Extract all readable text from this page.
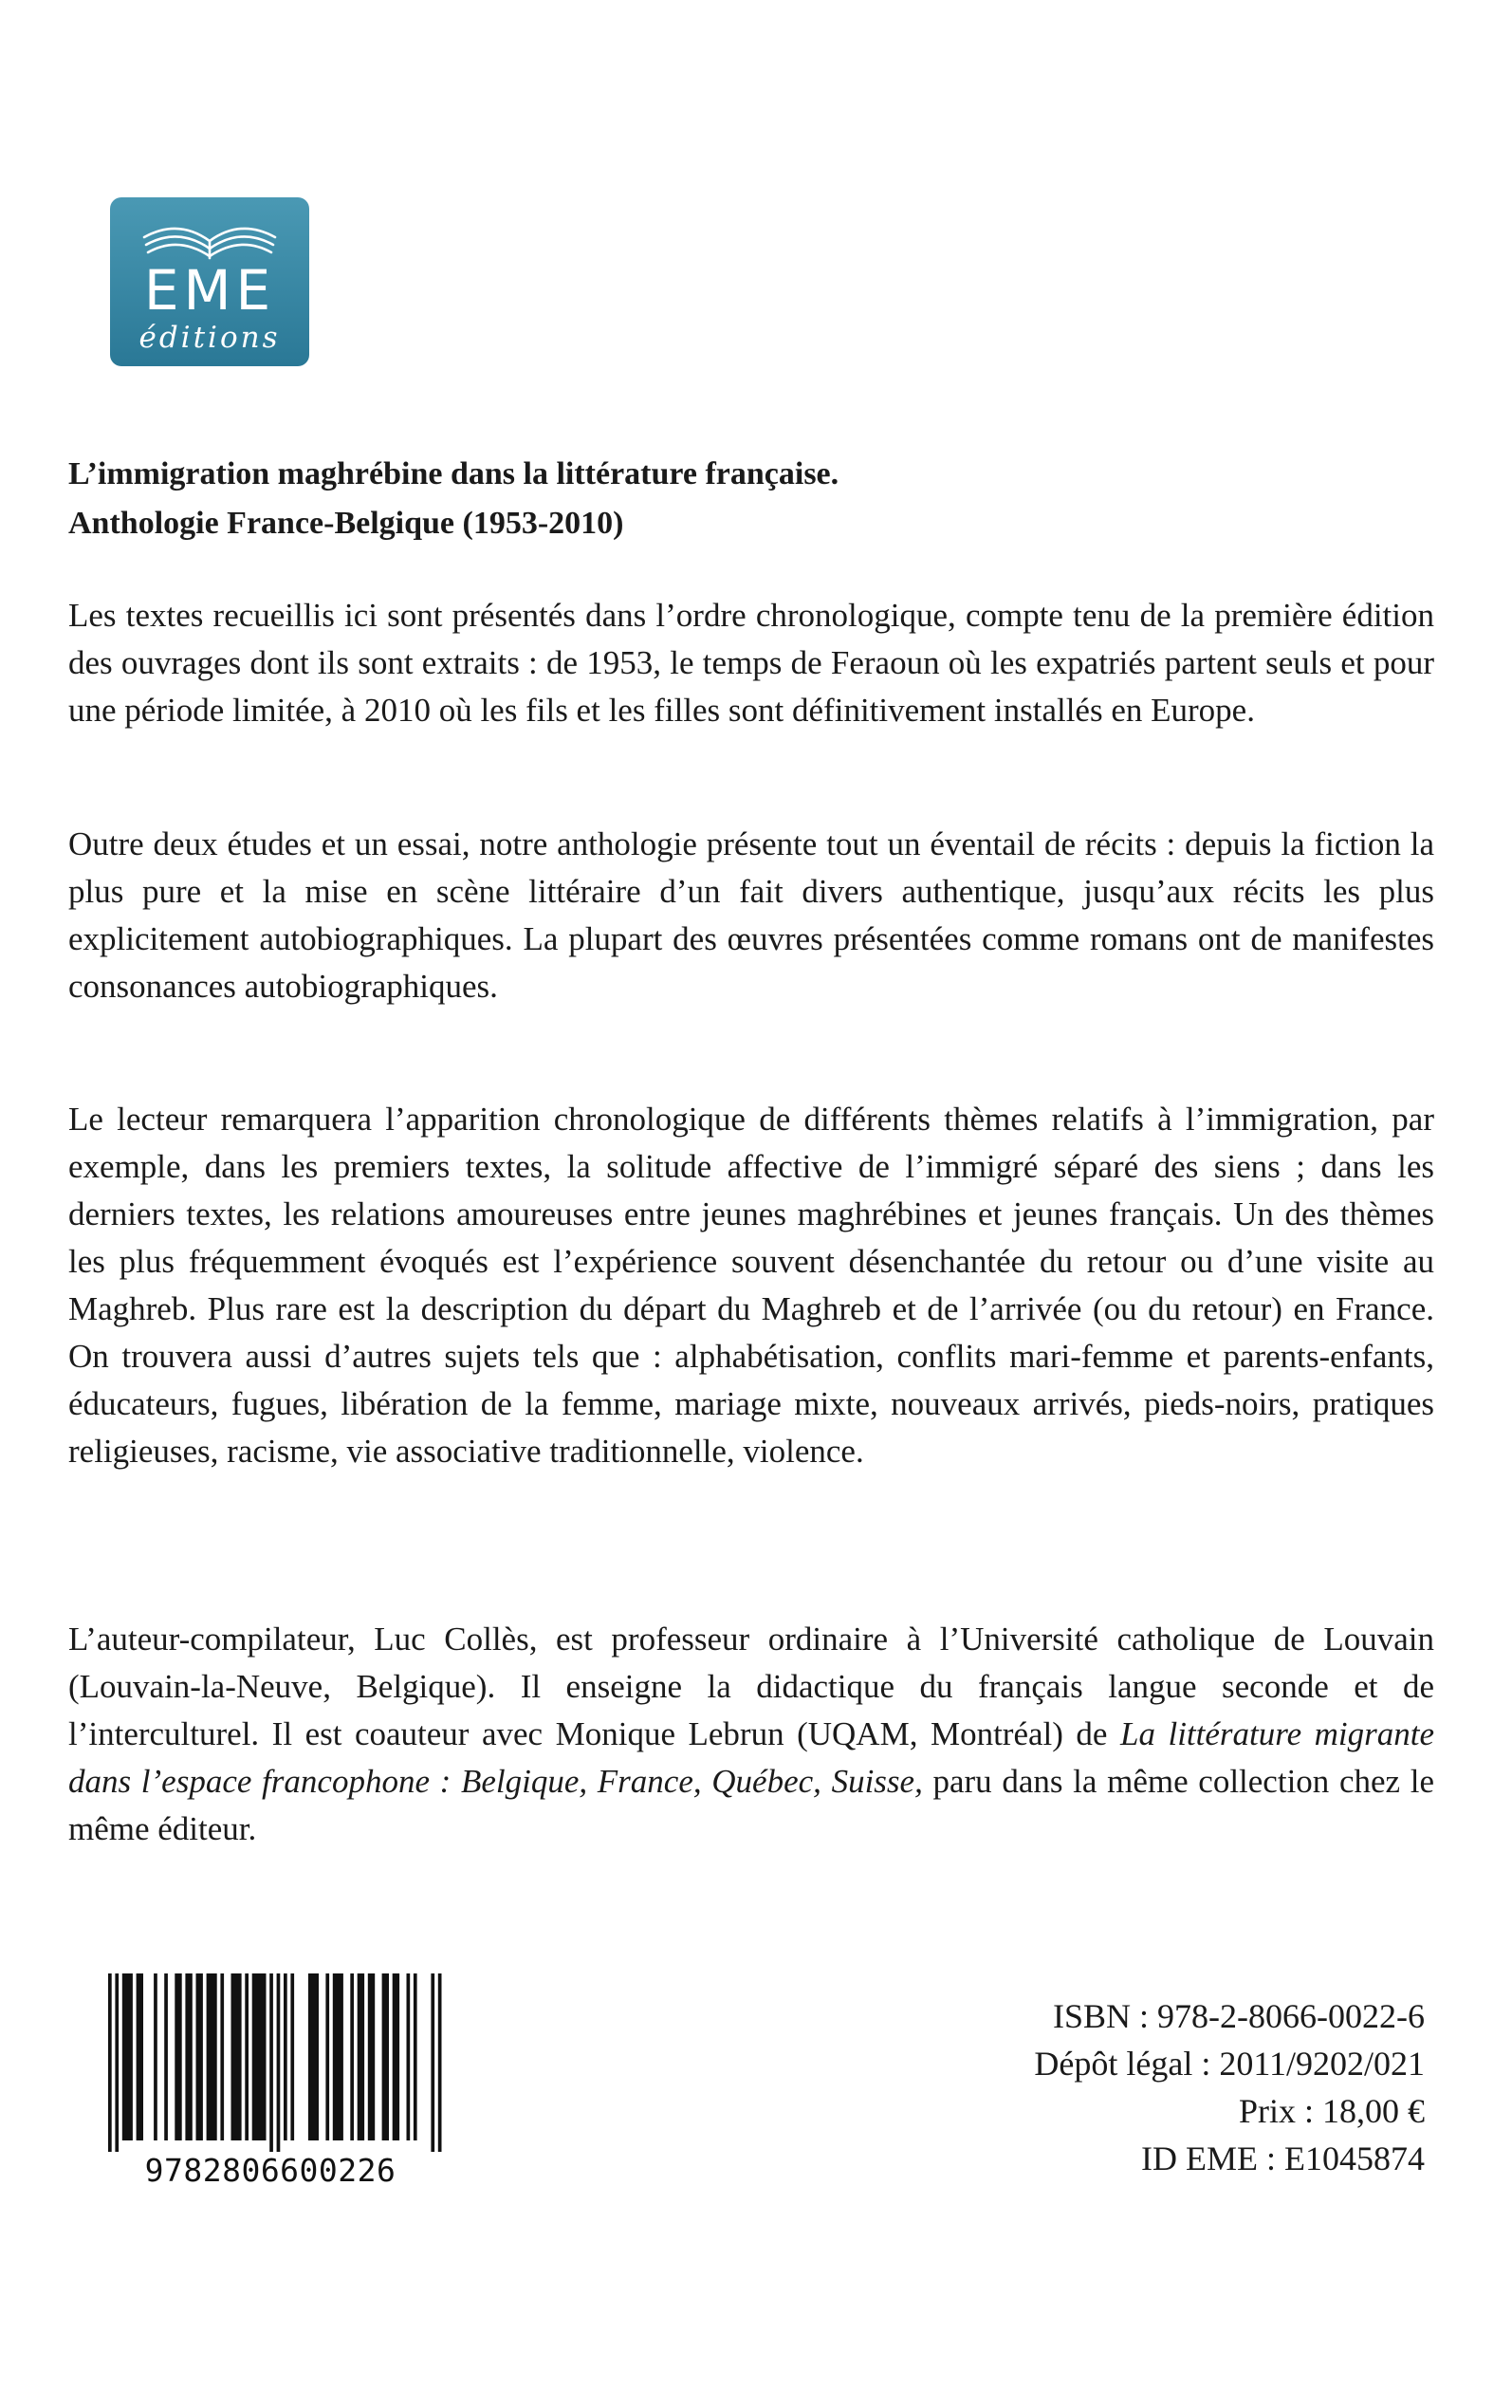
EME
éditions
L’immigration maghrébine dans la littérature française.
Anthologie France-Belgique (1953-2010)

Les textes recueillis ici sont présentés dans l’ordre chronologique, compte tenu de la première édition des ouvrages dont ils sont extraits : de 1953, le temps de Feraoun où les expatriés partent seuls et pour une période limitée, à 2010 où les fils et les filles sont définitivement installés en Europe.

Outre deux études et un essai, notre anthologie présente tout un éventail de récits : depuis la fiction la plus pure et la mise en scène littéraire d’un fait divers authentique, jusqu’aux récits les plus explicitement autobiographiques. La plupart des œuvres présentées comme romans ont de manifestes consonances autobiographiques.

Le lecteur remarquera l’apparition chronologique de différents thèmes relatifs à l’immigration, par exemple, dans les premiers textes, la solitude affective de l’immigré séparé des siens ; dans les derniers textes, les relations amoureuses entre jeunes maghrébines et jeunes français. Un des thèmes les plus fréquemment évoqués est l’expérience souvent désenchantée du retour ou d’une visite au Maghreb. Plus rare est la description du départ du Maghreb et de l’arrivée (ou du retour) en France. On trouvera aussi d’autres sujets tels que : alphabétisation, conflits mari-femme et parents-enfants, éducateurs, fugues, libération de la femme, mariage mixte, nouveaux arrivés, pieds-noirs, pratiques religieuses, racisme, vie associative traditionnelle, violence.

L’auteur-compilateur, Luc Collès, est professeur ordinaire à l’Université catholique de Louvain (Louvain-la-Neuve, Belgique). Il enseigne la didactique du français langue seconde et de l’interculturel. Il est coauteur avec Monique Lebrun (UQAM, Montréal) de La littérature migrante dans l’espace francophone : Belgique, France, Québec, Suisse, paru dans la même collection chez le même éditeur.

9782806600226
ISBN : 978-2-8066-0022-6
Dépôt légal : 2011/9202/021
Prix : 18,00 €
ID EME : E1045874
